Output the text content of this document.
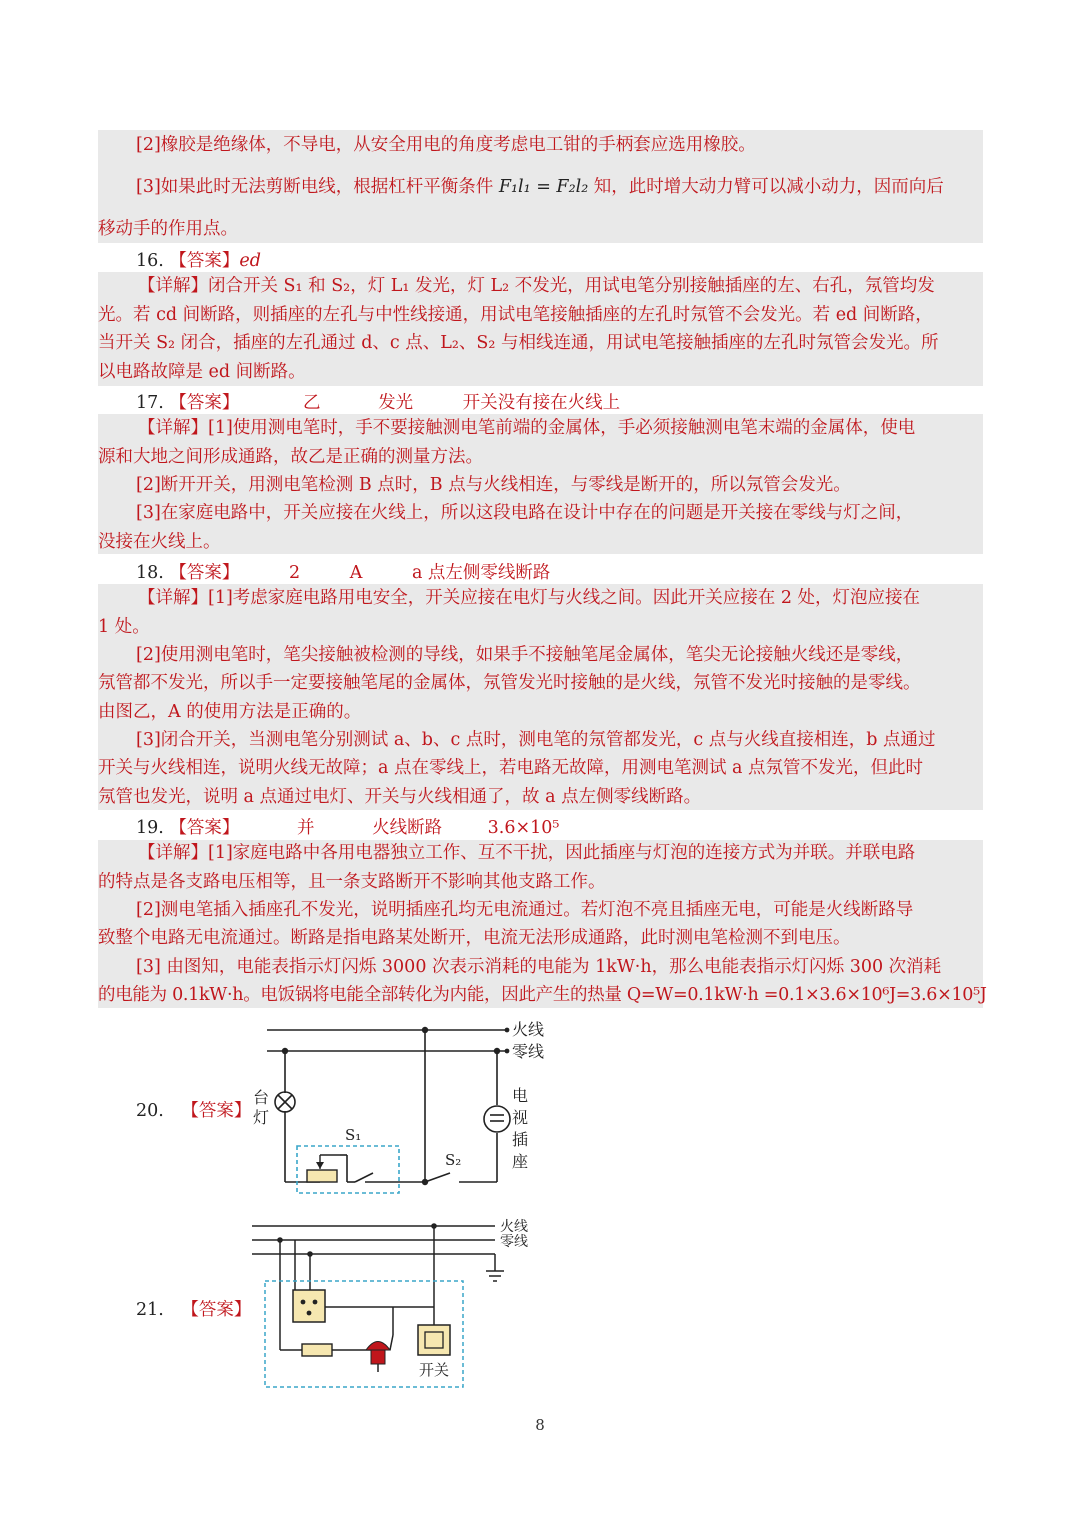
[2]橡胶是绝缘体，不导电，从安全用电的角度考虑电工钳的手柄套应选用橡胶。
[3]如果此时无法剪断电线，根据杠杆平衡条件 F₁l₁ = F₂l₂ 知，此时增大动力臂可以减小动力，因而向后
移动手的作用点。
16. 【答案】ed
【详解】闭合开关 S₁ 和 S₂，灯 L₁ 发光，灯 L₂ 不发光，用试电笔分别接触插座的左、右孔，氖管均发
光。若 cd 间断路，则插座的左孔与中性线接通，用试电笔接触插座的左孔时氖管不会发光。若 ed 间断路，
当开关 S₂ 闭合，插座的左孔通过 d、c 点、L₂、S₂ 与相线连通，用试电笔接触插座的左孔时氖管会发光。所
以电路故障是 ed 间断路。
17. 【答案】	乙	发光	开关没有接在火线上
【详解】[1]使用测电笔时，手不要接触测电笔前端的金属体，手必须接触测电笔末端的金属体，使电
源和大地之间形成通路，故乙是正确的测量方法。
[2]断开开关，用测电笔检测 B 点时，B 点与火线相连，与零线是断开的，所以氖管会发光。
[3]在家庭电路中，开关应接在火线上，所以这段电路在设计中存在的问题是开关接在零线与灯之间，
没接在火线上。
18. 【答案】	2	A	a 点左侧零线断路
【详解】[1]考虑家庭电路用电安全，开关应接在电灯与火线之间。因此开关应接在 2 处，灯泡应接在
1 处。
[2]使用测电笔时，笔尖接触被检测的导线，如果手不接触笔尾金属体，笔尖无论接触火线还是零线，
氖管都不发光，所以手一定要接触笔尾的金属体，氖管发光时接触的是火线，氖管不发光时接触的是零线。
由图乙，A 的使用方法是正确的。
[3]闭合开关，当测电笔分别测试 a、b、c 点时，测电笔的氖管都发光，c 点与火线直接相连，b 点通过
开关与火线相连，说明火线无故障；a 点在零线上，若电路无故障，用测电笔测试 a 点氖管不发光，但此时
氖管也发光，说明 a 点通过电灯、开关与火线相通了，故 a 点左侧零线断路。
19. 【答案】	并	火线断路	3.6×10⁵
【详解】[1]家庭电路中各用电器独立工作、互不干扰，因此插座与灯泡的连接方式为并联。并联电路
的特点是各支路电压相等，且一条支路断开不影响其他支路工作。
[2]测电笔插入插座孔不发光，说明插座孔均无电流通过。若灯泡不亮且插座无电，可能是火线断路导
致整个电路无电流通过。断路是指电路某处断开，电流无法形成通路，此时测电笔检测不到电压。
[3] 由图知，电能表指示灯闪烁 3000 次表示消耗的电能为 1kW·h，那么电能表指示灯闪烁 300 次消耗
的电能为 0.1kW·h。电饭锅将电能全部转化为内能，因此产生的热量 Q=W=0.1kW·h =0.1×3.6×10⁶J=3.6×10⁵J
20. 【答案】
火线
零线
台
灯
电
视
插
座
S₁
S₂
21. 【答案】
火线
零线
开关
8
